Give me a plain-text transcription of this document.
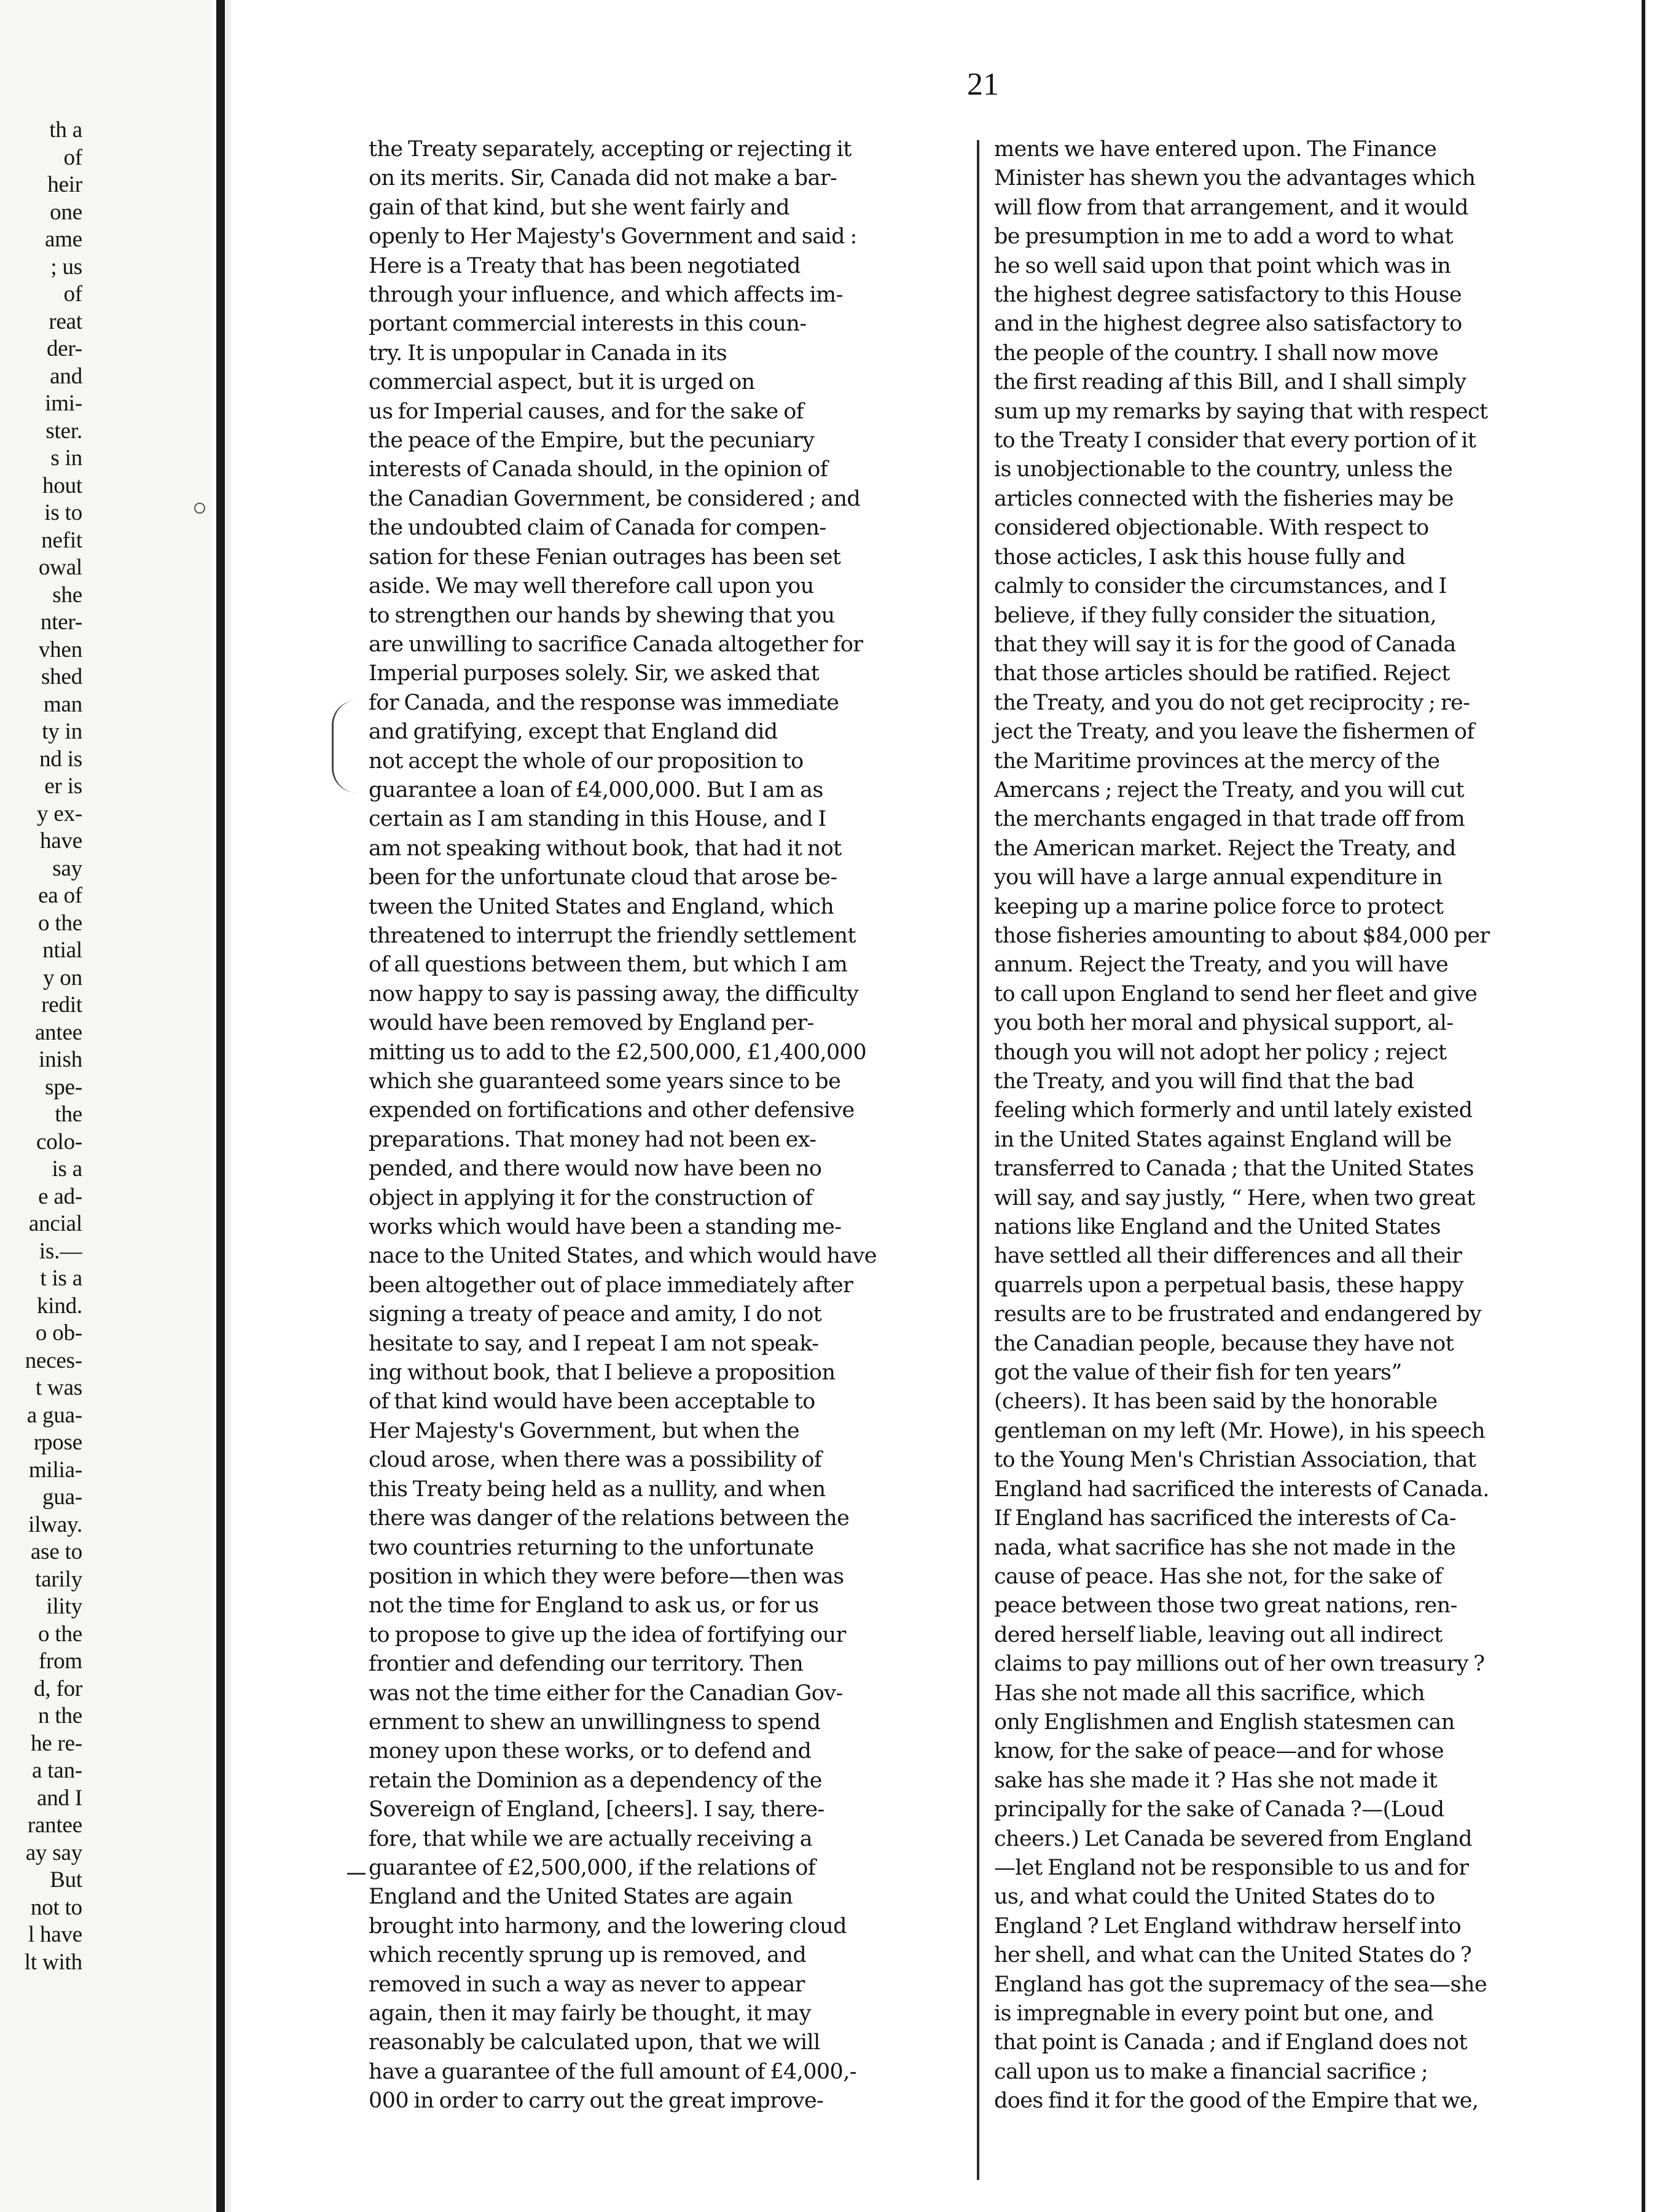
th a
of
heir
one
ame
; us
of
reat
der-
and
imi-
ster.
s in
hout
is to
nefit
owal
she
nter-
vhen
shed
man
ty in
nd is
er is
y ex-
have
say
ea of
o the
ntial
y on
redit
antee
inish
spe-
the
colo-
is a
e ad-
ancial
is.—
t is a
kind.
o ob-
neces-
t was
a gua-
rpose
milia-
gua-
ilway.
ase to
tarily
ility
o the
from
d, for
n the
he re-
a tan-
and I
rantee
ay say
But
not to
l have
lt with
21
the Treaty separately, accepting or rejecting it
on its merits. Sir, Canada did not make a bar-
gain of that kind, but she went fairly and
openly to Her Majesty's Government and said :
Here is a Treaty that has been negotiated
through your influence, and which affects im-
portant commercial interests in this coun-
try. It is unpopular in Canada in its
commercial aspect, but it is urged on
us for Imperial causes, and for the sake of
the peace of the Empire, but the pecuniary
interests of Canada should, in the opinion of
the Canadian Government, be considered ; and
the undoubted claim of Canada for compen-
sation for these Fenian outrages has been set
aside. We may well therefore call upon you
to strengthen our hands by shewing that you
are unwilling to sacrifice Canada altogether for
Imperial purposes solely. Sir, we asked that
for Canada, and the response was immediate
and gratifying, except that England did
not accept the whole of our proposition to
guarantee a loan of £4,000,000. But I am as
certain as I am standing in this House, and I
am not speaking without book, that had it not
been for the unfortunate cloud that arose be-
tween the United States and England, which
threatened to interrupt the friendly settlement
of all questions between them, but which I am
now happy to say is passing away, the difficulty
would have been removed by England per-
mitting us to add to the £2,500,000, £1,400,000
which she guaranteed some years since to be
expended on fortifications and other defensive
preparations. That money had not been ex-
pended, and there would now have been no
object in applying it for the construction of
works which would have been a standing me-
nace to the United States, and which would have
been altogether out of place immediately after
signing a treaty of peace and amity, I do not
hesitate to say, and I repeat I am not speak-
ing without book, that I believe a proposition
of that kind would have been acceptable to
Her Majesty's Government, but when the
cloud arose, when there was a possibility of
this Treaty being held as a nullity, and when
there was danger of the relations between the
two countries returning to the unfortunate
position in which they were before—then was
not the time for England to ask us, or for us
to propose to give up the idea of fortifying our
frontier and defending our territory. Then
was not the time either for the Canadian Gov-
ernment to shew an unwillingness to spend
money upon these works, or to defend and
retain the Dominion as a dependency of the
Sovereign of England, [cheers]. I say, there-
fore, that while we are actually receiving a
guarantee of £2,500,000, if the relations of
England and the United States are again
brought into harmony, and the lowering cloud
which recently sprung up is removed, and
removed in such a way as never to appear
again, then it may fairly be thought, it may
reasonably be calculated upon, that we will
have a guarantee of the full amount of £4,000,-
000 in order to carry out the great improve-
ments we have entered upon. The Finance
Minister has shewn you the advantages which
will flow from that arrangement, and it would
be presumption in me to add a word to what
he so well said upon that point which was in
the highest degree satisfactory to this House
and in the highest degree also satisfactory to
the people of the country. I shall now move
the first reading af this Bill, and I shall simply
sum up my remarks by saying that with respect
to the Treaty I consider that every portion of it
is unobjectionable to the country, unless the
articles connected with the fisheries may be
considered objectionable. With respect to
those acticles, I ask this house fully and
calmly to consider the circumstances, and I
believe, if they fully consider the situation,
that they will say it is for the good of Canada
that those articles should be ratified. Reject
the Treaty, and you do not get reciprocity ; re-
ject the Treaty, and you leave the fishermen of
the Maritime provinces at the mercy of the
Amercans ; reject the Treaty, and you will cut
the merchants engaged in that trade off from
the American market. Reject the Treaty, and
you will have a large annual expenditure in
keeping up a marine police force to protect
those fisheries amounting to about $84,000 per
annum. Reject the Treaty, and you will have
to call upon England to send her fleet and give
you both her moral and physical support, al-
though you will not adopt her policy ; reject
the Treaty, and you will find that the bad
feeling which formerly and until lately existed
in the United States against England will be
transferred to Canada ; that the United States
will say, and say justly, “ Here, when two great
nations like England and the United States
have settled all their differences and all their
quarrels upon a perpetual basis, these happy
results are to be frustrated and endangered by
the Canadian people, because they have not
got the value of their fish for ten years”
(cheers). It has been said by the honorable
gentleman on my left (Mr. Howe), in his speech
to the Young Men's Christian Association, that
England had sacrificed the interests of Canada.
If England has sacrificed the interests of Ca-
nada, what sacrifice has she not made in the
cause of peace. Has she not, for the sake of
peace between those two great nations, ren-
dered herself liable, leaving out all indirect
claims to pay millions out of her own treasury ?
Has she not made all this sacrifice, which
only Englishmen and English statesmen can
know, for the sake of peace—and for whose
sake has she made it ? Has she not made it
principally for the sake of Canada ?—(Loud
cheers.) Let Canada be severed from England
—let England not be responsible to us and for
us, and what could the United States do to
England ? Let England withdraw herself into
her shell, and what can the United States do ?
England has got the supremacy of the sea—she
is impregnable in every point but one, and
that point is Canada ; and if England does not
call upon us to make a financial sacrifice ;
does find it for the good of the Empire that we,
